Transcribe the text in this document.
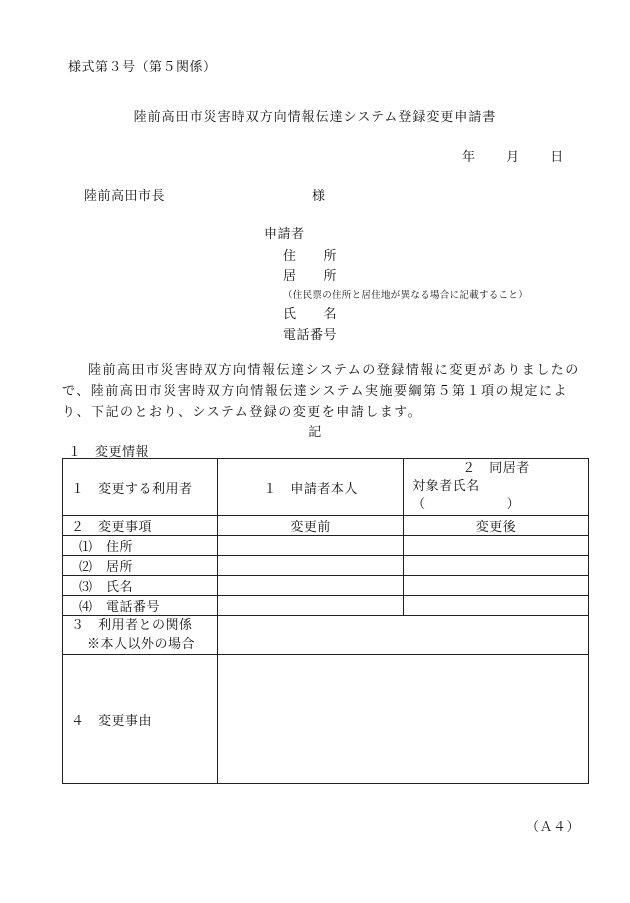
様式第３号（第５関係）
陸前高田市災害時双方向情報伝達システム登録変更申請書
年 月 日
陸前高田市長	様
申請者
住　　所
居　　所
（住民票の住所と居住地が異なる場合に記載すること）
氏　　名
電話番号
陸前高田市災害時双方向情報伝達システムの登録情報に変更がありましたので、陸前高田市災害時双方向情報伝達システム実施要綱第５第１項の規定により、下記のとおり、システム登録の変更を申請します。
記
１　変更情報
１　変更する利用者	１　申請者本人	２　同居者
対象者氏名（　　　　　　）

２　変更事項	変更前	変更後
⑴　住所		
⑵　居所		
⑶　氏名		
⑷　電話番号		

３　利用者との関係
※本人以外の場合		

４　変更事由		
（Ａ４）
